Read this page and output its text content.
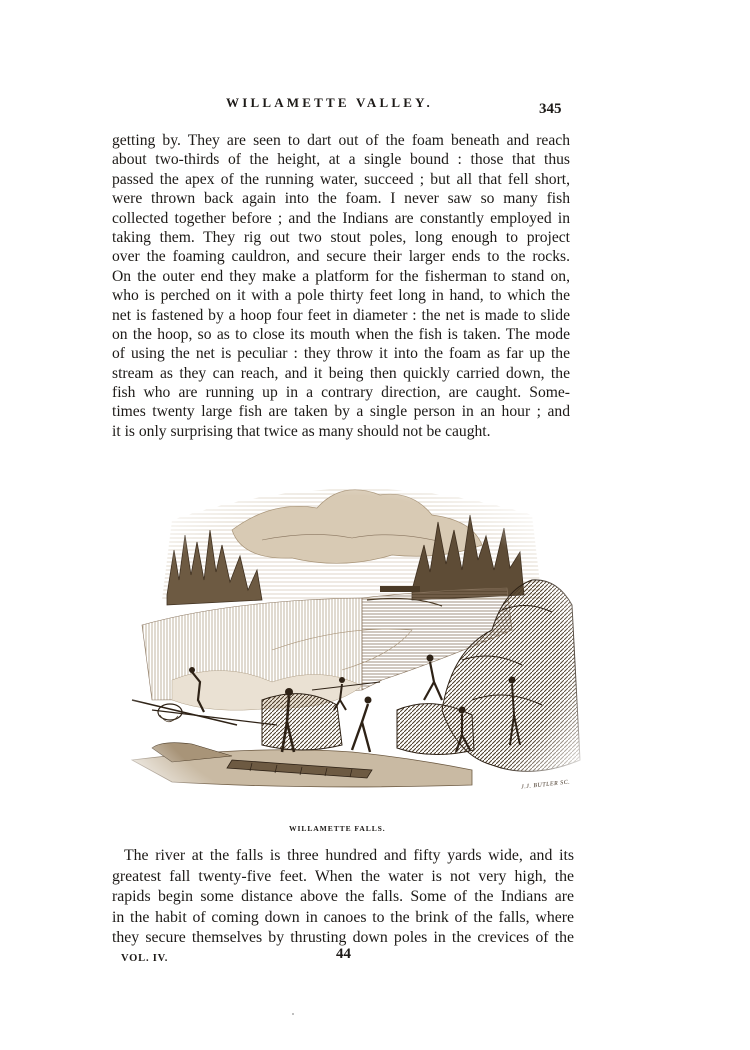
WILLAMETTE VALLEY.	345
getting by. They are seen to dart out of the foam beneath and reach
about two-thirds of the height, at a single bound : those that thus
passed the apex of the running water, succeed ; but all that fell short,
were thrown back again into the foam. I never saw so many fish
collected together before ; and the Indians are constantly employed in
taking them. They rig out two stout poles, long enough to project
over the foaming cauldron, and secure their larger ends to the rocks.
On the outer end they make a platform for the fisherman to stand on,
who is perched on it with a pole thirty feet long in hand, to which the
net is fastened by a hoop four feet in diameter : the net is made to slide
on the hoop, so as to close its mouth when the fish is taken. The mode
of using the net is peculiar : they throw it into the foam as far up the
stream as they can reach, and it being then quickly carried down, the
fish who are running up in a contrary direction, are caught. Some-
times twenty large fish are taken by a single person in an hour ; and
it is only surprising that twice as many should not be caught.
J.J. BUTLER SC.
WILLAMETTE FALLS.
The river at the falls is three hundred and fifty yards wide, and its
greatest fall twenty-five feet. When the water is not very high, the
rapids begin some distance above the falls. Some of the Indians are
in the habit of coming down in canoes to the brink of the falls, where
they secure themselves by thrusting down poles in the crevices of the
VOL. IV.	44
